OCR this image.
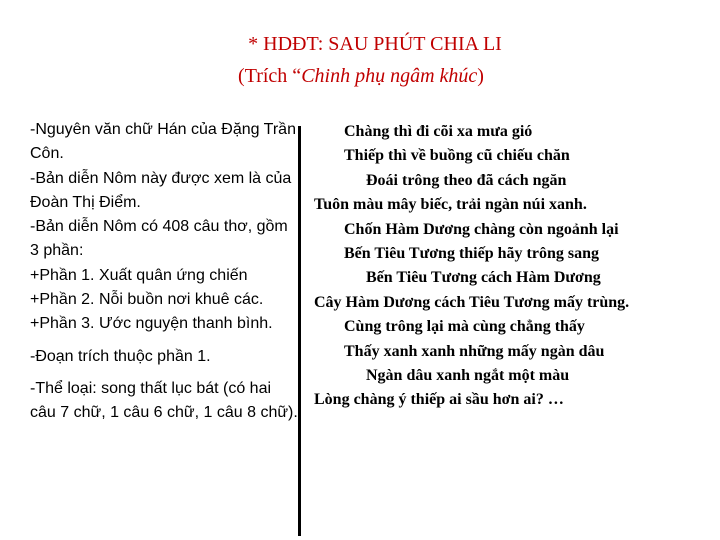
* HDĐT: SAU PHÚT CHIA LI
(Trích “Chinh phụ ngâm khúc)

-Nguyên văn chữ Hán của Đặng Trần Côn.

-Bản diễn Nôm này được xem là của Đoàn Thị Điểm.

-Bản diễn Nôm có 408 câu thơ, gồm 3 phần:

+Phần 1. Xuất quân ứng chiến

+Phần 2. Nỗi buồn nơi khuê các.

+Phần 3. Ước nguyện thanh bình.

-Đoạn trích thuộc phần 1.

-Thể loại: song thất lục bát (có hai câu 7 chữ, 1 câu 6 chữ, 1 câu 8 chữ).

Chàng thì đi cõi xa mưa gió
Thiếp thì về buồng cũ chiếu chăn
Đoái trông theo đã cách ngăn
Tuôn màu mây biếc, trải ngàn núi xanh.
Chốn Hàm Dương chàng còn ngoảnh lại
Bến Tiêu Tương thiếp hãy trông sang
Bến Tiêu Tương cách Hàm Dương
Cây Hàm Dương cách Tiêu Tương mấy trùng.
Cùng trông lại mà cùng chẳng thấy
Thấy xanh xanh những mấy ngàn dâu
Ngàn dâu xanh ngắt một màu
Lòng chàng ý thiếp ai sầu hơn ai? …
